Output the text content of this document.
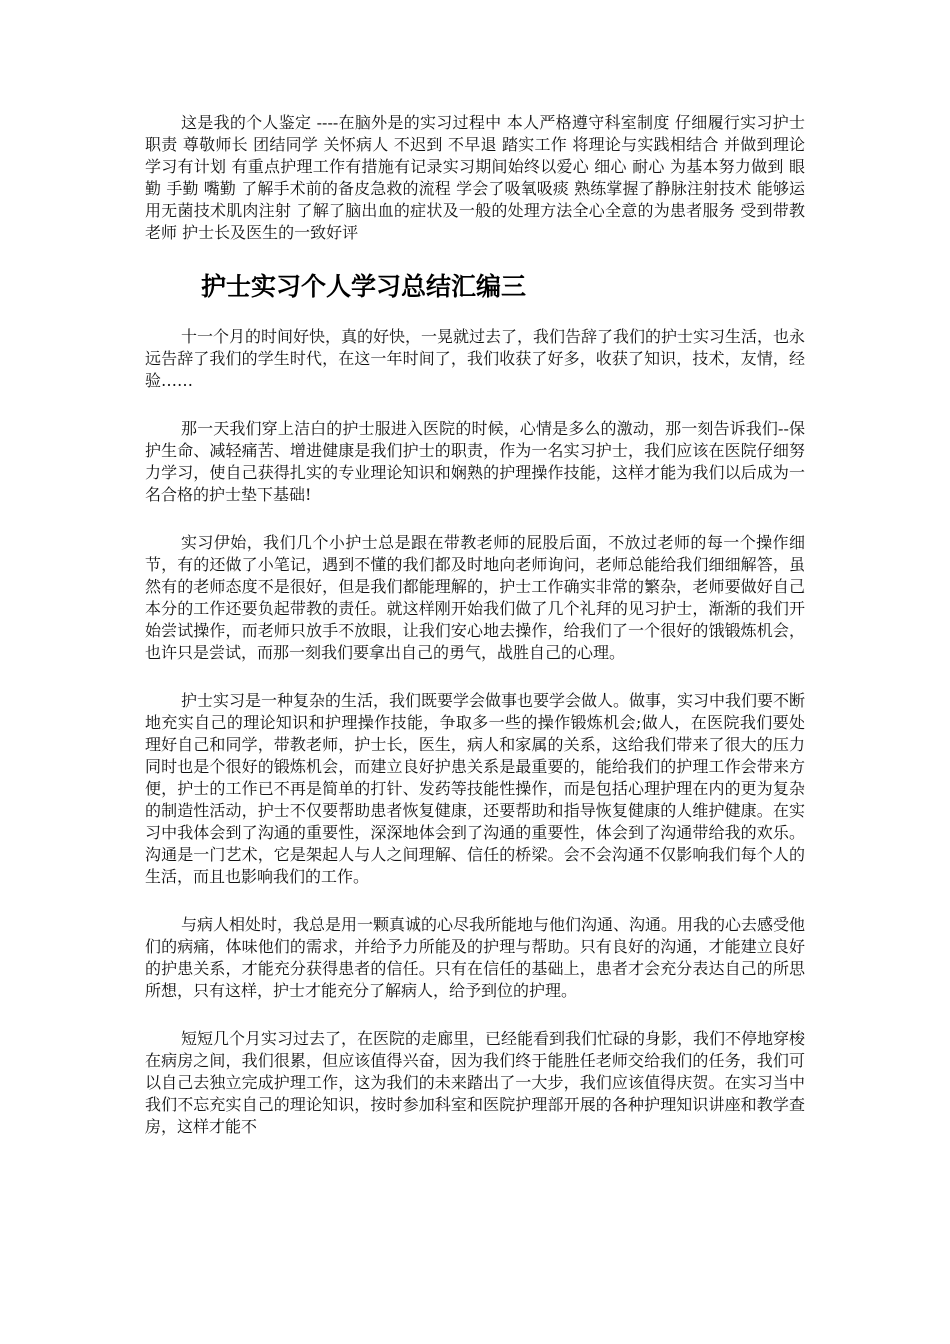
这是我的个人鉴定 ----在脑外是的实习过程中 本人严格遵守科室制度 仔细履行实习护士职责 尊敬师长 团结同学 关怀病人 不迟到 不早退 踏实工作 将理论与实践相结合 并做到理论学习有计划 有重点护理工作有措施有记录实习期间始终以爱心 细心 耐心 为基本努力做到 眼勤 手勤 嘴勤 了解手术前的备皮急救的流程 学会了吸氧吸痰 熟练掌握了静脉注射技术 能够运用无菌技术肌肉注射 了解了脑出血的症状及一般的处理方法全心全意的为患者服务 受到带教老师 护士长及医生的一致好评

护士实习个人学习总结汇编三

十一个月的时间好快，真的好快，一晃就过去了，我们告辞了我们的护士实习生活，也永远告辞了我们的学生时代，在这一年时间了，我们收获了好多，收获了知识，技术，友情，经验……

那一天我们穿上洁白的护士服进入医院的时候，心情是多么的激动，那一刻告诉我们--保护生命、减轻痛苦、增进健康是我们护士的职责，作为一名实习护士，我们应该在医院仔细努力学习，使自己获得扎实的专业理论知识和娴熟的护理操作技能，这样才能为我们以后成为一名合格的护士垫下基础!

实习伊始，我们几个小护士总是跟在带教老师的屁股后面，不放过老师的每一个操作细节，有的还做了小笔记，遇到不懂的我们都及时地向老师询问，老师总能给我们细细解答，虽然有的老师态度不是很好，但是我们都能理解的，护士工作确实非常的繁杂，老师要做好自己本分的工作还要负起带教的责任。就这样刚开始我们做了几个礼拜的见习护士，渐渐的我们开始尝试操作，而老师只放手不放眼，让我们安心地去操作，给我们了一个很好的饿锻炼机会，也许只是尝试，而那一刻我们要拿出自己的勇气，战胜自己的心理。

护士实习是一种复杂的生活，我们既要学会做事也要学会做人。做事，实习中我们要不断地充实自己的理论知识和护理操作技能，争取多一些的操作锻炼机会;做人，在医院我们要处理好自己和同学，带教老师，护士长，医生，病人和家属的关系，这给我们带来了很大的压力同时也是个很好的锻炼机会，而建立良好护患关系是最重要的，能给我们的护理工作会带来方便，护士的工作已不再是简单的打针、发药等技能性操作，而是包括心理护理在内的更为复杂的制造性活动，护士不仅要帮助患者恢复健康，还要帮助和指导恢复健康的人维护健康。在实习中我体会到了沟通的重要性，深深地体会到了沟通的重要性，体会到了沟通带给我的欢乐。沟通是一门艺术，它是架起人与人之间理解、信任的桥梁。会不会沟通不仅影响我们每个人的生活，而且也影响我们的工作。

与病人相处时，我总是用一颗真诚的心尽我所能地与他们沟通、沟通。用我的心去感受他们的病痛，体味他们的需求，并给予力所能及的护理与帮助。只有良好的沟通，才能建立良好的护患关系，才能充分获得患者的信任。只有在信任的基础上，患者才会充分表达自己的所思所想，只有这样，护士才能充分了解病人，给予到位的护理。

短短几个月实习过去了，在医院的走廊里，已经能看到我们忙碌的身影，我们不停地穿梭在病房之间，我们很累，但应该值得兴奋，因为我们终于能胜任老师交给我们的任务，我们可以自己去独立完成护理工作，这为我们的未来踏出了一大步，我们应该值得庆贺。在实习当中我们不忘充实自己的理论知识，按时参加科室和医院护理部开展的各种护理知识讲座和教学查房，这样才能不
